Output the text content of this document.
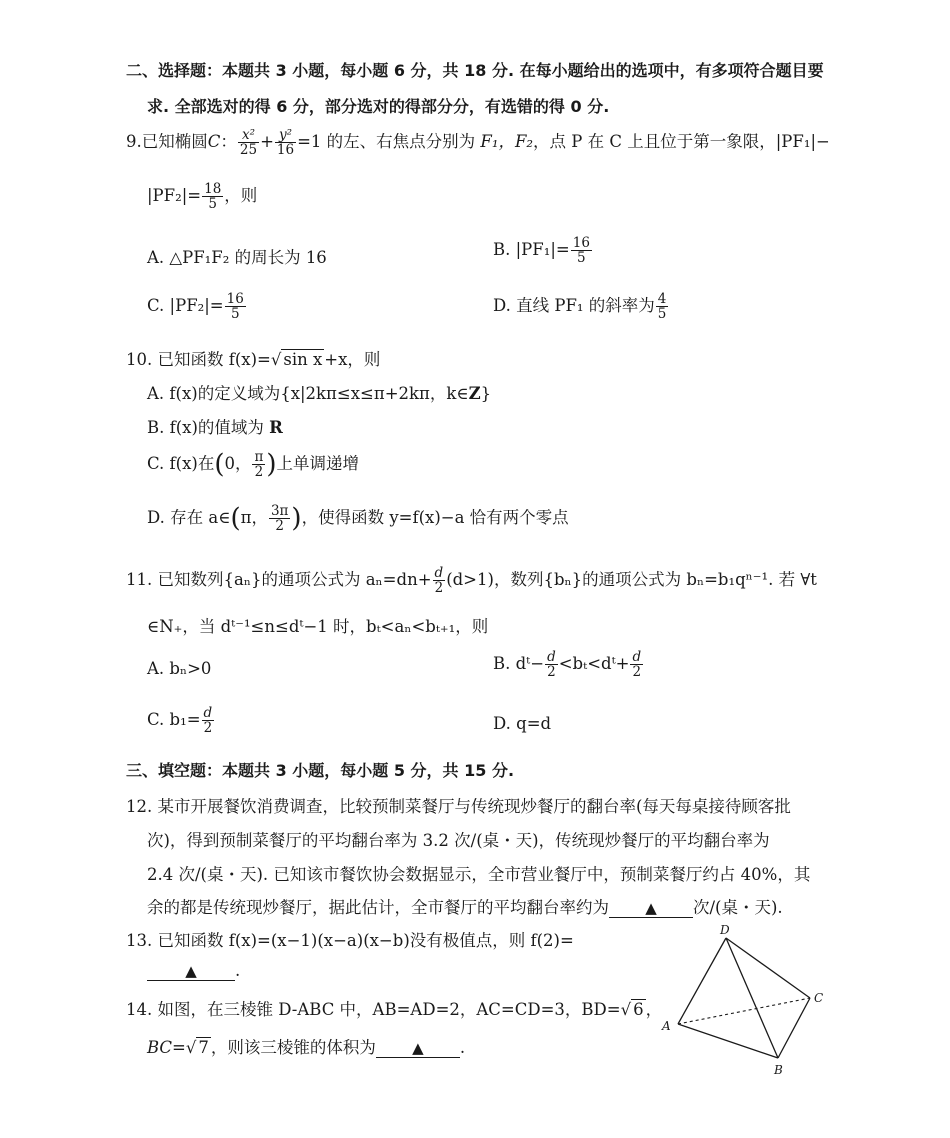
二、选择题：本题共 3 小题，每小题 6 分，共 18 分. 在每小题给出的选项中，有多项符合题目要
求. 全部选对的得 6 分，部分选对的得部分分，有选错的得 0 分.
9.已知椭圆C： $\frac{\text{x²}}{25} + \frac{\text{y²}}{16} =1$ 的左、右焦点分别为 F₁，F₂，点 P 在 C 上且位于第一象限，|PF₁|−
$|PF_2|= \frac{18}{5}$ ，则
A. △PF₁F₂ 的周长为 16	B. $|PF_1|= \frac{16}{5}$
C. $|PF_2|= \frac{16}{5}$	D. 直线 PF₁ 的斜率为 $\frac{4}{5}$
10. 已知函数 f(x)=√ sin x +x，则
A. f(x)的定义域为{x|2kπ≤x≤π+2kπ，k∈Z}
B. f(x)的值域为 R
C. f(x)在(0， $\frac{\pi}{2}$ )上单调递增
D. 存在 a∈(π， $\frac{3\pi}{2}$ )，使得函数 y=f(x)−a 恰有两个零点
11. 已知数列{aₙ}的通项公式为 $a_n=dn+ \frac{d}{2} (d>1)$，数列{bₙ}的通项公式为 bₙ=b₁qⁿ⁻¹. 若 ∀t
∈N₊，当 dᵗ⁻¹≤n≤dᵗ−1 时，bₜ<aₙ<bₜ₊₁，则
A. bₙ>0	B. dᵗ− $\frac{d}{2}$ <bₜ<dᵗ+ $\frac{d}{2}$
C. $b_1= \frac{d}{2}$	D. q=d
三、填空题：本题共 3 小题，每小题 5 分，共 15 分.
12. 某市开展餐饮消费调查，比较预制菜餐厅与传统现炒餐厅的翻台率(每天每桌接待顾客批
次)，得到预制菜餐厅的平均翻台率为 3.2 次/(桌・天)，传统现炒餐厅的平均翻台率为
2.4 次/(桌・天). 已知该市餐饮协会数据显示，全市营业餐厅中，预制菜餐厅约占 40%，其
余的都是传统现炒餐厅，据此估计，全市餐厅的平均翻台率约为 ▲ 次/(桌・天).
13. 已知函数 f(x)=(x−1)(x−a)(x−b)没有极值点，则 f(2)=
▲ .
14. 如图，在三棱锥 D-ABC 中，AB=AD=2，AC=CD=3，BD=√ 6 ，
BC=√ 7 ，则该三棱锥的体积为 ▲ .
D
C
A
B
